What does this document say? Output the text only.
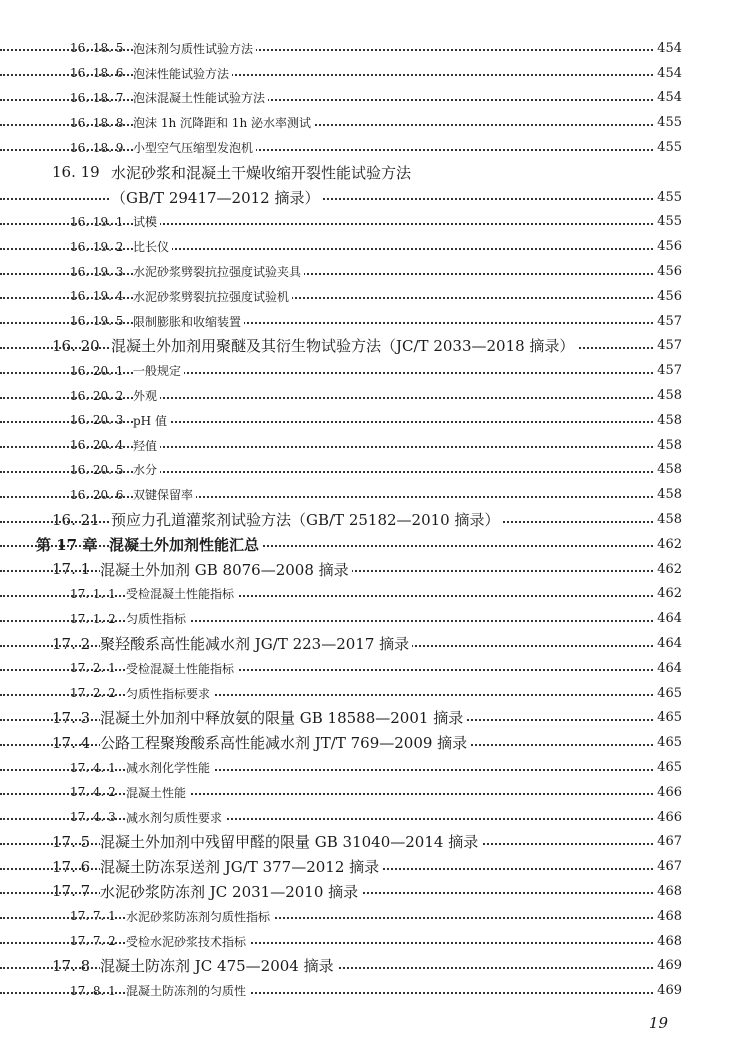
16. 18. 5 泡沫剂匀质性试验方法	454
16. 18. 6 泡沫性能试验方法	454
16. 18. 7 泡沫混凝土性能试验方法	454
16. 18. 8 泡沫 1h 沉降距和 1h 泌水率测试	455
16. 18. 9 小型空气压缩型发泡机	455
16. 19 水泥砂浆和混凝土干燥收缩开裂性能试验方法
（GB/T 29417—2012 摘录）	455
16. 19. 1 试模	455
16. 19. 2 比长仪	456
16. 19. 3 水泥砂浆劈裂抗拉强度试验夹具	456
16. 19. 4 水泥砂浆劈裂抗拉强度试验机	456
16. 19. 5 限制膨胀和收缩装置	457
16. 20 混凝土外加剂用聚醚及其衍生物试验方法（JC/T 2033—2018 摘录）	457
16. 20. 1 一般规定	457
16. 20. 2 外观	458
16. 20. 3 pH 值	458
16. 20. 4 羟值	458
16. 20. 5 水分	458
16. 20. 6 双键保留率	458
16. 21 预应力孔道灌浆剂试验方法（GB/T 25182—2010 摘录）	458
第 17 章 混凝土外加剂性能汇总	462
17. 1 混凝土外加剂 GB 8076—2008 摘录	462
17. 1. 1 受检混凝土性能指标	462
17. 1. 2 匀质性指标	464
17. 2 聚羟酸系高性能减水剂 JG/T 223—2017 摘录	464
17. 2. 1 受检混凝土性能指标	464
17. 2. 2 匀质性指标要求	465
17. 3 混凝土外加剂中释放氨的限量 GB 18588—2001 摘录	465
17. 4 公路工程聚羧酸系高性能减水剂 JT/T 769—2009 摘录	465
17. 4. 1 减水剂化学性能	465
17. 4. 2 混凝土性能	466
17. 4. 3 减水剂匀质性要求	466
17. 5 混凝土外加剂中残留甲醛的限量 GB 31040—2014 摘录	467
17. 6 混凝土防冻泵送剂 JG/T 377—2012 摘录	467
17. 7 水泥砂浆防冻剂 JC 2031—2010 摘录	468
17. 7. 1 水泥砂浆防冻剂匀质性指标	468
17. 7. 2 受检水泥砂浆技术指标	468
17. 8 混凝土防冻剂 JC 475—2004 摘录	469
17. 8. 1 混凝土防冻剂的匀质性	469
19
